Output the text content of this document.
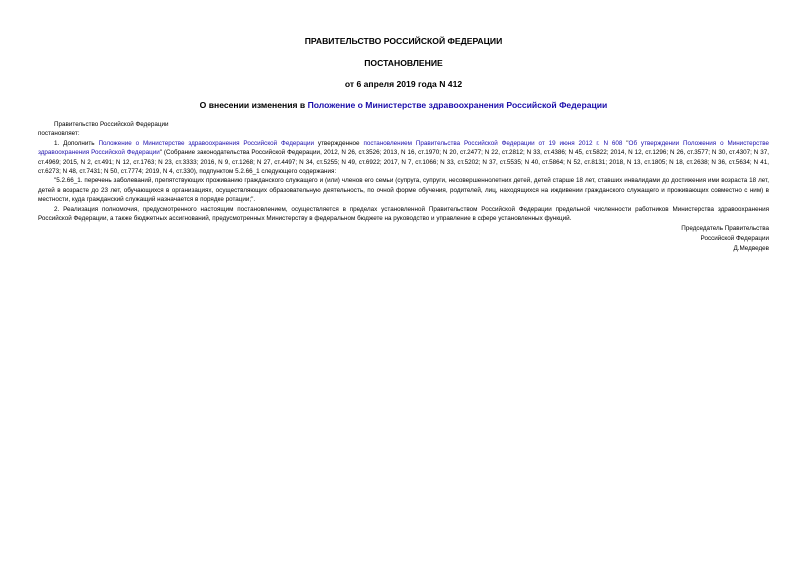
ПРАВИТЕЛЬСТВО РОССИЙСКОЙ ФЕДЕРАЦИИ
ПОСТАНОВЛЕНИЕ
от 6 апреля 2019 года N 412
О внесении изменения в Положение о Министерстве здравоохранения Российской Федерации

Правительство Российской Федерации

постановляет:

1. Дополнить Положение о Министерстве здравоохранения Российской Федерации утвержденное постановлением Правительства Российской Федерации от 19 июня 2012 г. N 608 "Об утверждении Положения о Министерстве здравоохранения Российской Федерации" (Собрание законодательства Российской Федерации, 2012, N 26, ст.3526; 2013, N 16, ст.1970; N 20, ст.2477; N 22, ст.2812; N 33, ст.4386; N 45, ст.5822; 2014, N 12, ст.1296; N 26, ст.3577; N 30, ст.4307; N 37, ст.4969; 2015, N 2, ст.491; N 12, ст.1763; N 23, ст.3333; 2016, N 9, ст.1268; N 27, ст.4497; N 34, ст.5255; N 49, ст.6922; 2017, N 7, ст.1066; N 33, ст.5202; N 37, ст.5535; N 40, ст.5864; N 52, ст.8131; 2018, N 13, ст.1805; N 18, ст.2638; N 36, ст.5634; N 41, ст.6273; N 48, ст.7431; N 50, ст.7774; 2019, N 4, ст.330), подпунктом 5.2.66_1 следующего содержания:

"5.2.66_1. перечень заболеваний, препятствующих проживанию гражданского служащего и (или) членов его семьи (супруга, супруги, несовершеннолетних детей, детей старше 18 лет, ставших инвалидами до достижения ими возраста 18 лет, детей в возрасте до 23 лет, обучающихся в организациях, осуществляющих образовательную деятельность, по очной форме обучения, родителей, лиц, находящихся на иждивении гражданского служащего и проживающих совместно с ним) в местности, куда гражданский служащий назначается в порядке ротации;".

2. Реализация полномочия, предусмотренного настоящим постановлением, осуществляется в пределах установленной Правительством Российской Федерации предельной численности работников Министерства здравоохранения Российской Федерации, а также бюджетных ассигнований, предусмотренных Министерству в федеральном бюджете на руководство и управление в сфере установленных функций.

Председатель Правительства
Российской Федерации
Д.Медведев
